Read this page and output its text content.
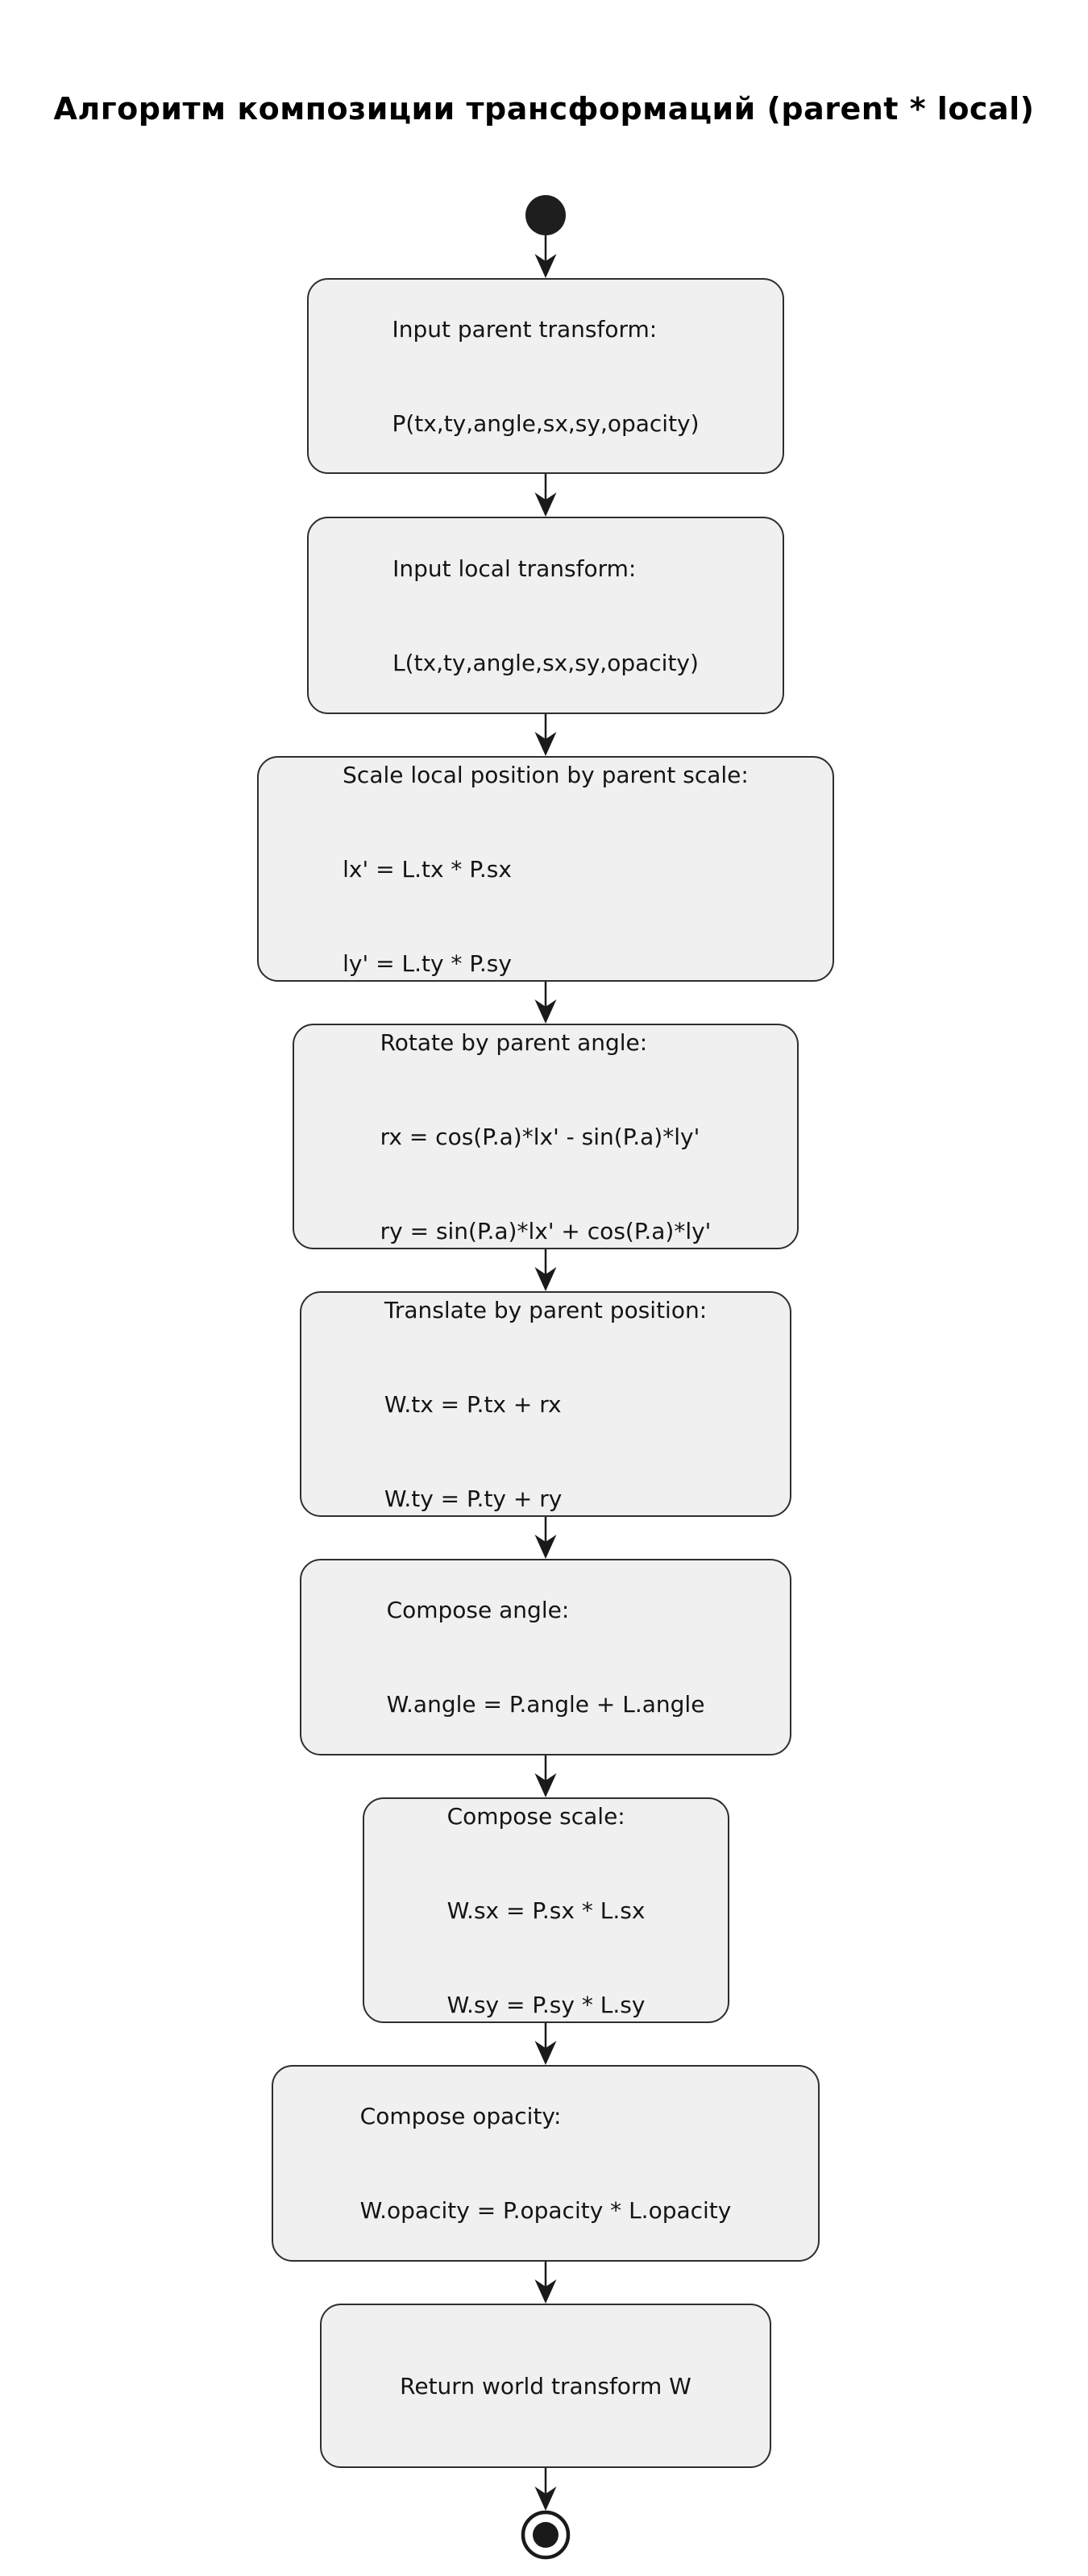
Алгоритм композиции трансформаций (parent * local)

Input parent transform:

P(tx,ty,angle,sx,sy,opacity)

Input local transform:

L(tx,ty,angle,sx,sy,opacity)

Scale local position by parent scale:

lx' = L.tx * P.sx

ly' = L.ty * P.sy

Rotate by parent angle:

rx = cos(P.a)*lx' - sin(P.a)*ly'

ry = sin(P.a)*lx' + cos(P.a)*ly'

Translate by parent position:

W.tx = P.tx + rx

W.ty = P.ty + ry

Compose angle:

W.angle = P.angle + L.angle

Compose scale:

W.sx = P.sx * L.sx

W.sy = P.sy * L.sy

Compose opacity:

W.opacity = P.opacity * L.opacity

Return world transform W
